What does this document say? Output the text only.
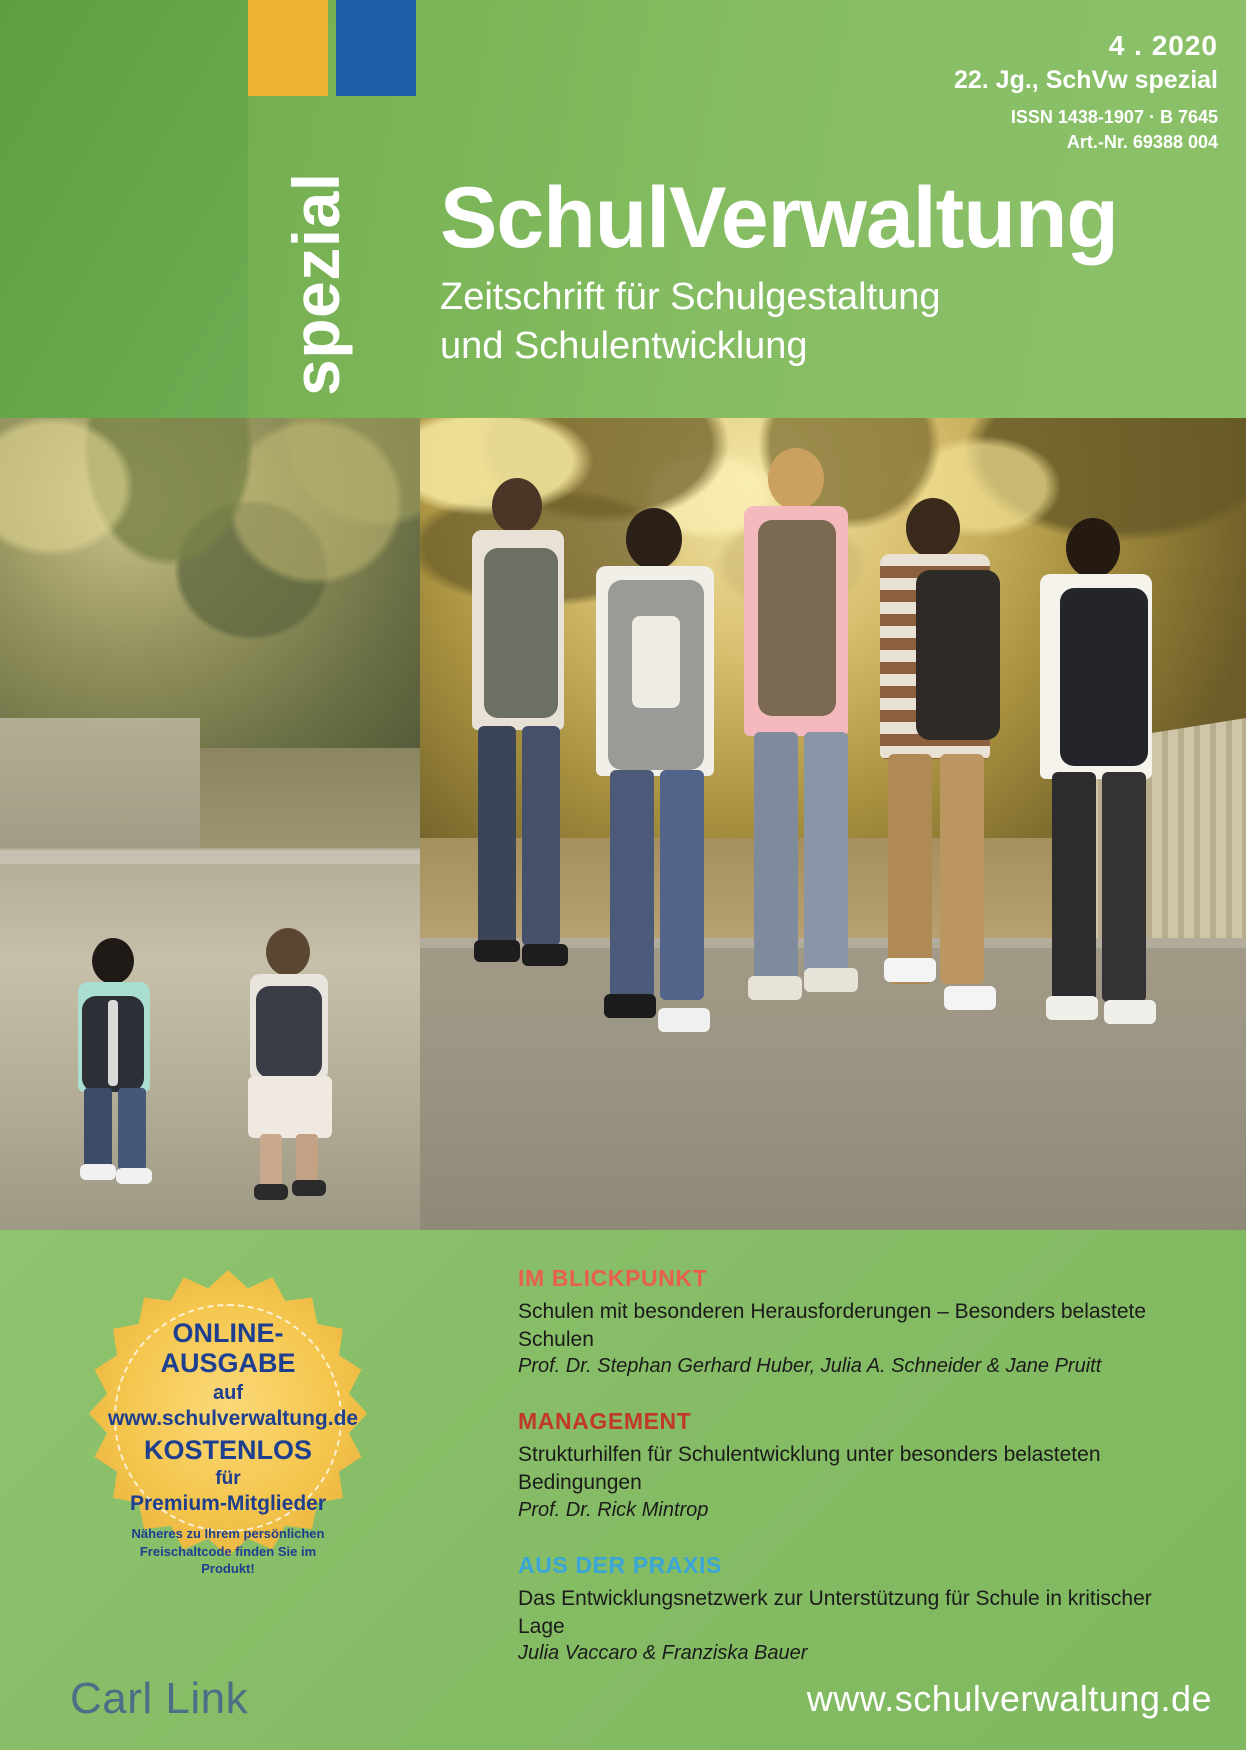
spezial
4 . 2020
22. Jg., SchVw spezial
ISSN 1438-1907 · B 7645
Art.-Nr. 69388 004
SchulVerwaltung
Zeitschrift für Schulgestaltung
und Schulentwicklung
ONLINE-
AUSGABE
auf
www.schulverwaltung.de
KOSTENLOS
für
Premium-Mitglieder
Näheres zu Ihrem persönlichen Freischaltcode finden Sie im Produkt!
IM BLICKPUNKT
Schulen mit besonderen Herausforderungen – Besonders belastete Schulen
Prof. Dr. Stephan Gerhard Huber, Julia A. Schneider & Jane Pruitt
MANAGEMENT
Strukturhilfen für Schulentwicklung unter besonders belasteten Bedingungen
Prof. Dr. Rick Mintrop
AUS DER PRAXIS
Das Entwicklungsnetzwerk zur Unterstützung für Schule in kritischer Lage
Julia Vaccaro & Franziska Bauer
Carl Link	www.schulverwaltung.de
